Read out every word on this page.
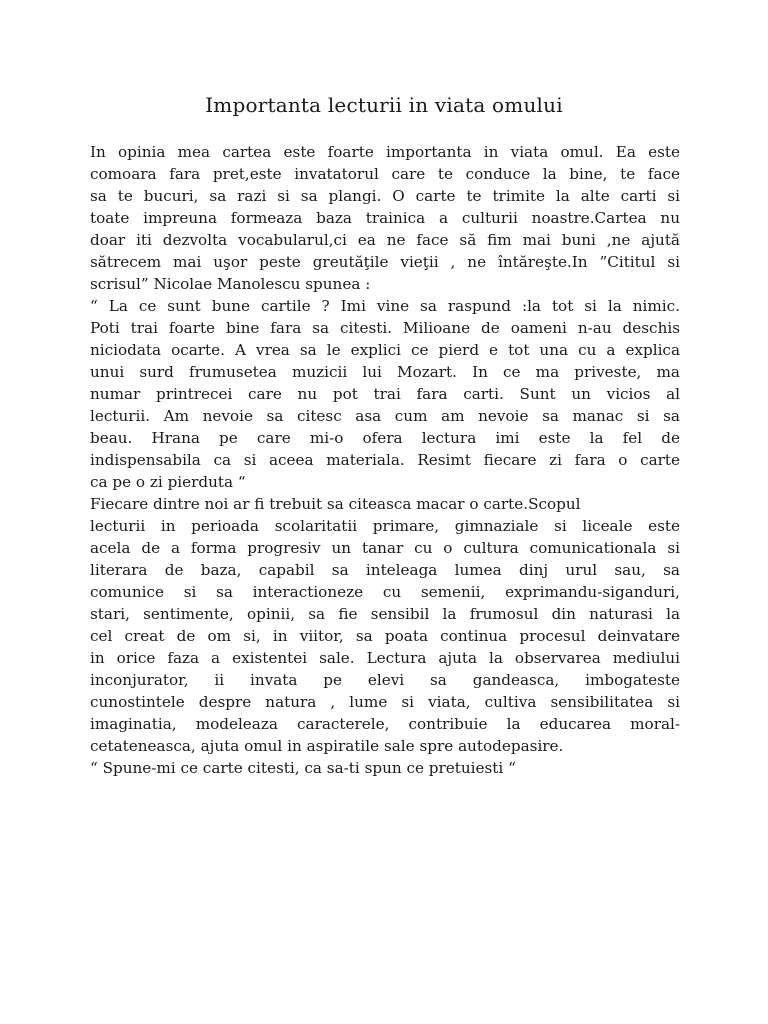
Importanta lecturii in viata omului
In opinia mea cartea este foarte importanta in viata omul. Ea este
comoara fara pret,este invatatorul care te conduce la bine, te face
sa te bucuri, sa razi si sa plangi. O carte te trimite la alte carti si
toate impreuna formeaza baza trainica a culturii noastre.Cartea nu
doar iti dezvolta vocabularul,ci ea ne face să fim mai buni ,ne ajută
sătrecem mai uşor peste greutăţile vieţii , ne întăreşte.In ”Cititul si
scrisul” Nicolae Manolescu spunea :
“ La ce sunt bune cartile ? Imi vine sa raspund :la tot si la nimic.
Poti trai foarte bine fara sa citesti. Milioane de oameni n-au deschis
niciodata ocarte. A vrea sa le explici ce pierd e tot una cu a explica
unui surd frumusetea muzicii lui Mozart. In ce ma priveste, ma
numar printrecei care nu pot trai fara carti. Sunt un vicios al
lecturii. Am nevoie sa citesc asa cum am nevoie sa manac si sa
beau. Hrana pe care mi-o ofera lectura imi este la fel de
indispensabila ca si aceea materiala. Resimt fiecare zi fara o carte
ca pe o zi pierduta “
Fiecare dintre noi ar fi trebuit sa citeasca macar o carte.Scopul
lecturii in perioada scolaritatii primare, gimnaziale si liceale este
acela de a forma progresiv un tanar cu o cultura comunicationala si
literara de baza, capabil sa inteleaga lumea dinj urul sau, sa
comunice si sa interactioneze cu semenii, exprimandu-siganduri,
stari, sentimente, opinii, sa fie sensibil la frumosul din naturasi la
cel creat de om si, in viitor, sa poata continua procesul deinvatare
in orice faza a existentei sale. Lectura ajuta la observarea mediului
inconjurator, ii invata pe elevi sa gandeasca, imbogateste
cunostintele despre natura , lume si viata, cultiva sensibilitatea si
imaginatia, modeleaza caracterele, contribuie la educarea moral-
cetateneasca, ajuta omul in aspiratile sale spre autodepasire.
“ Spune-mi ce carte citesti, ca sa-ti spun ce pretuiesti “
